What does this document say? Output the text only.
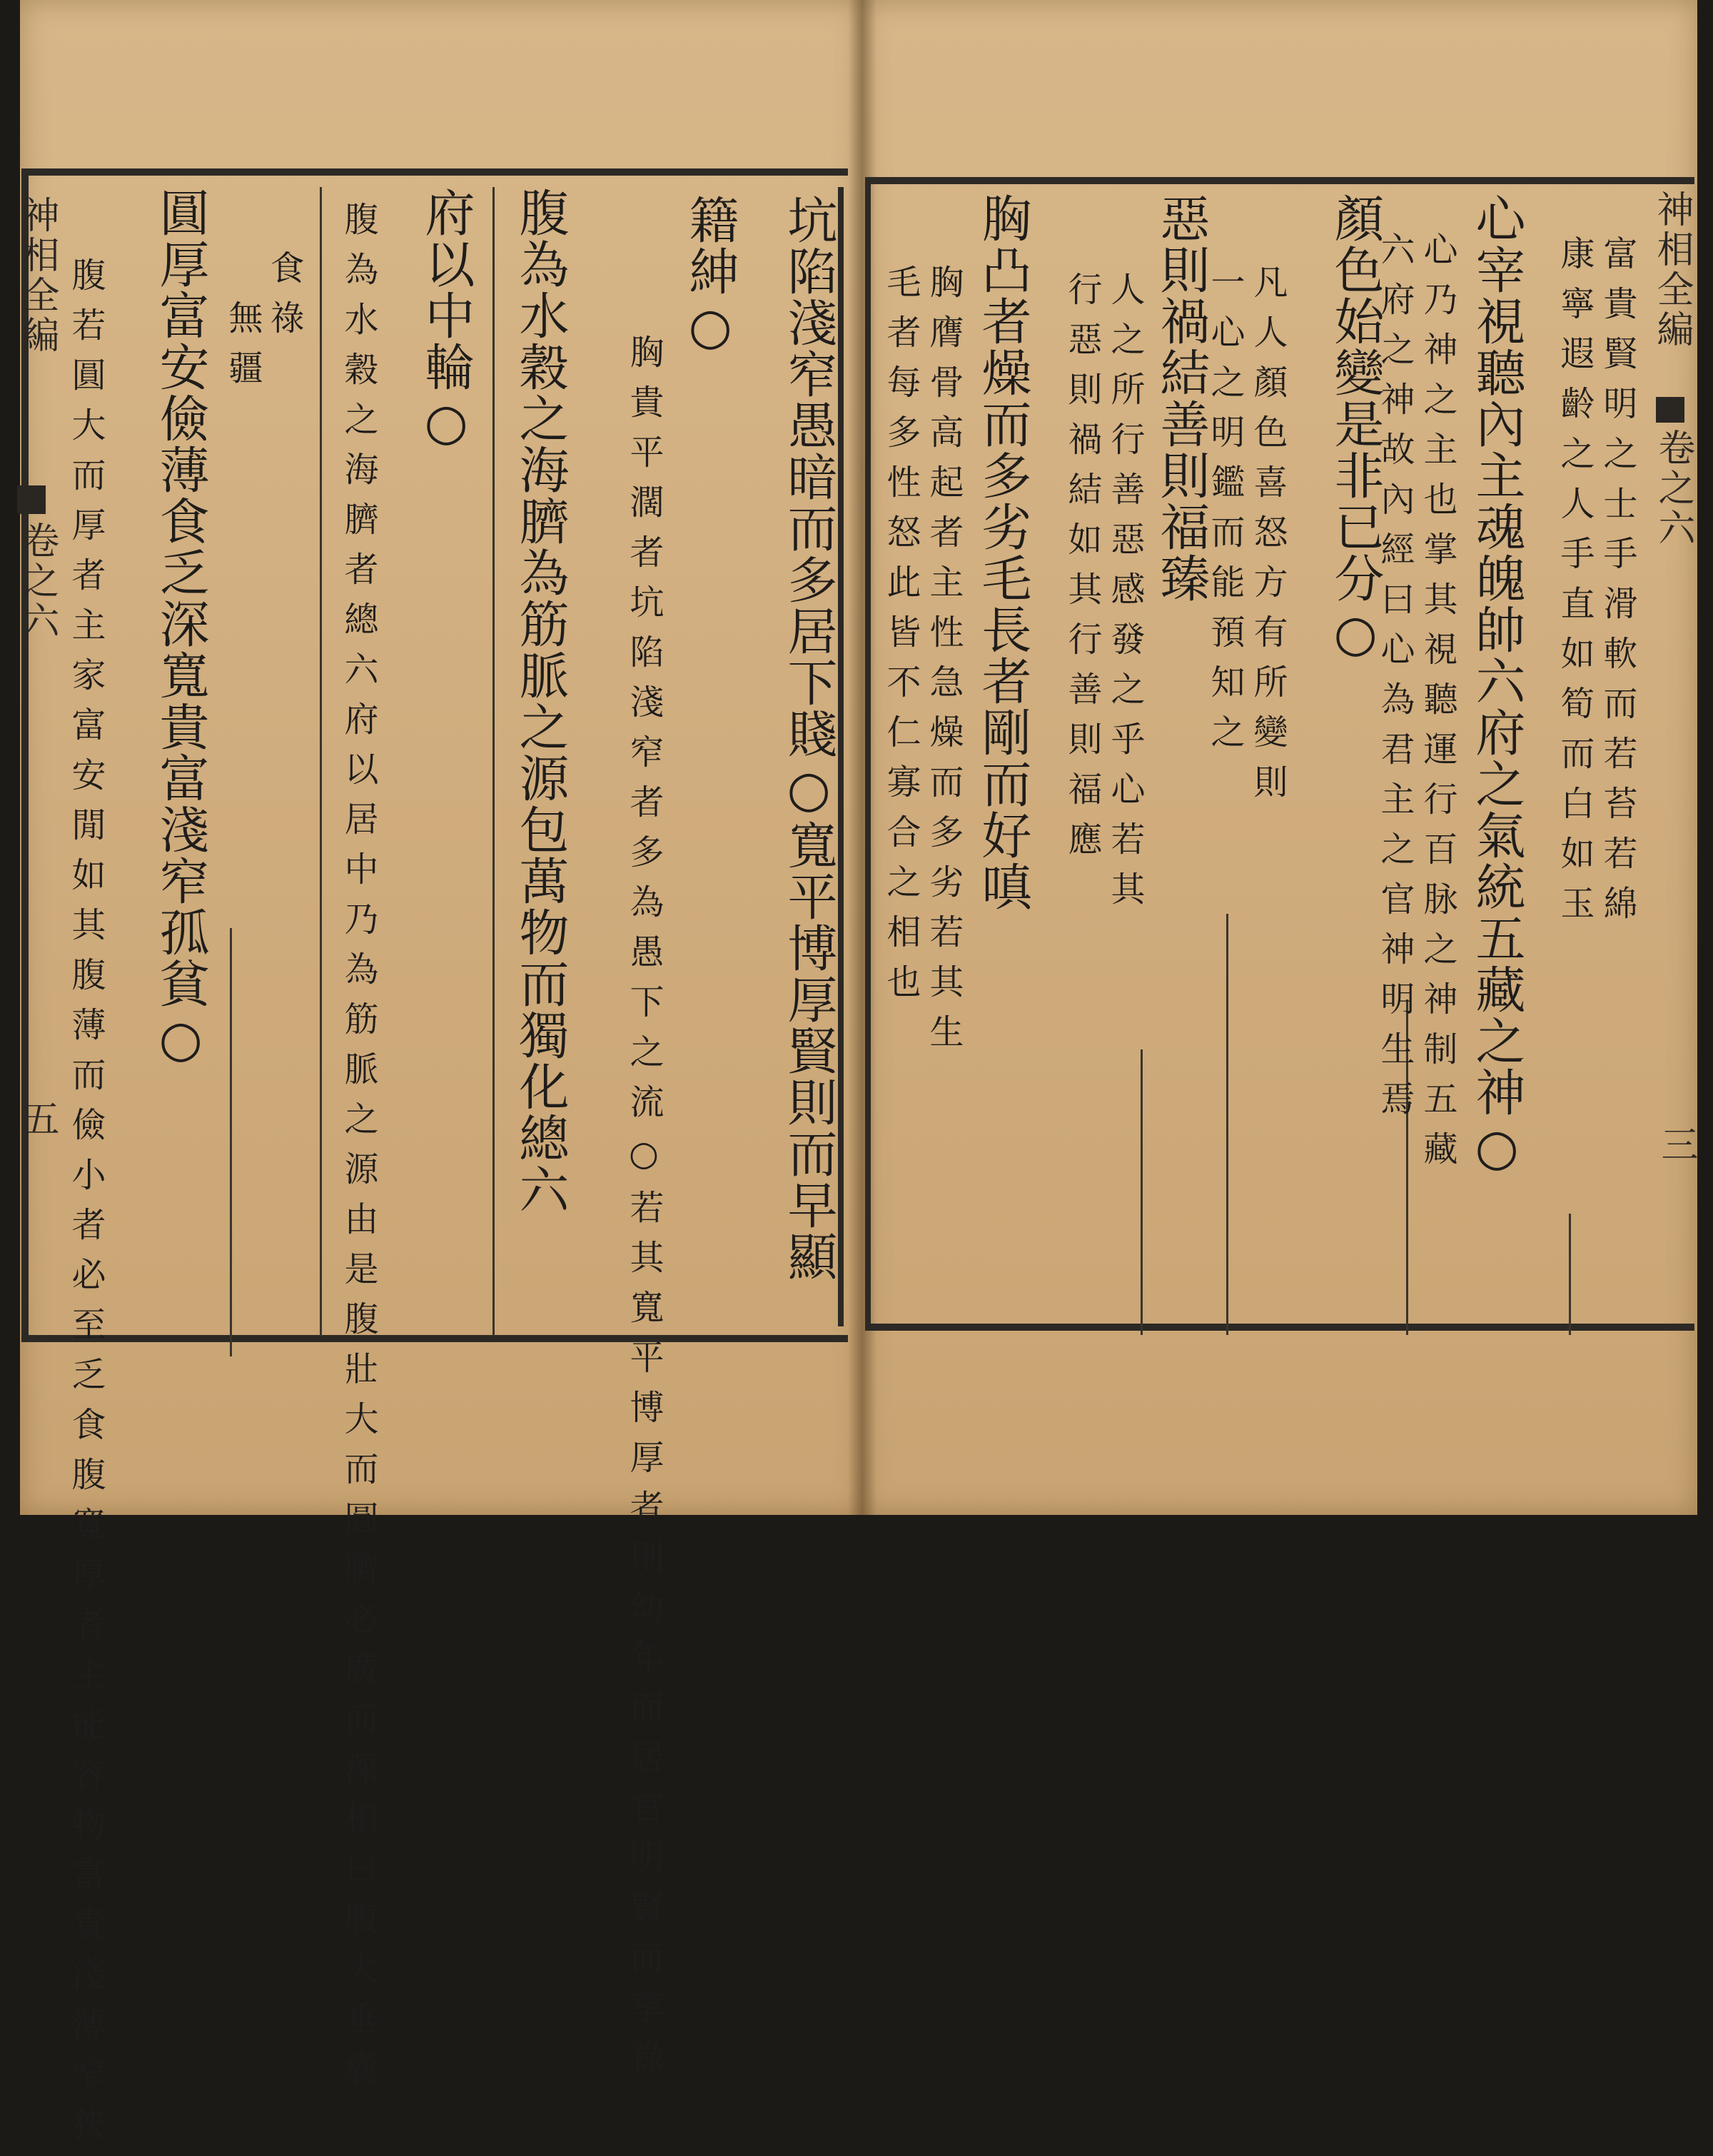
坑陷淺窄愚暗而多居下賤○寬平博厚賢則而早顯
籍紳○
胸貴平濶者坑陷淺窄者多為愚下之流○若其寬平博厚者則幼年而居官明賢而享祿
腹為水穀之海臍為筋脈之源包萬物而獨化總六
府以中輪○
腹為水穀之海臍者總六府以居中乃為筋脈之源由是腹壯大而圓臍必廣而深相曰腹大垂囊
食祿
無疆
圓厚富安儉薄食乏深寬貴富淺窄孤貧○
腹若圓大而厚者主家富安閒如其腹薄而儉小者必至乏食腹寬厚者主能容物富貴淺薄窄狹
神相全編
卷之六
五
神相全編
卷之六
三
富貴賢明之士手滑軟而若苔若綿
康寧遐齡之人手直如筍而白如玉
心宰視聽內主魂魄帥六府之氣統五藏之神○
心乃神之主也掌其視聽運行百脉之神制五藏
六府之神故內經曰心為君主之官神明生焉
顏色始變是非已分○
凡人顏色喜怒方有所變則
一心之明鑑而能預知之
惡則禍結善則福臻
人之所行善惡感發之乎心若其
行惡則禍結如其行善則福應
胸凸者燥而多劣毛長者剛而好嗔
胸膺骨高起者主性急燥而多劣若其生
毛者每多性怒此皆不仁寡合之相也
